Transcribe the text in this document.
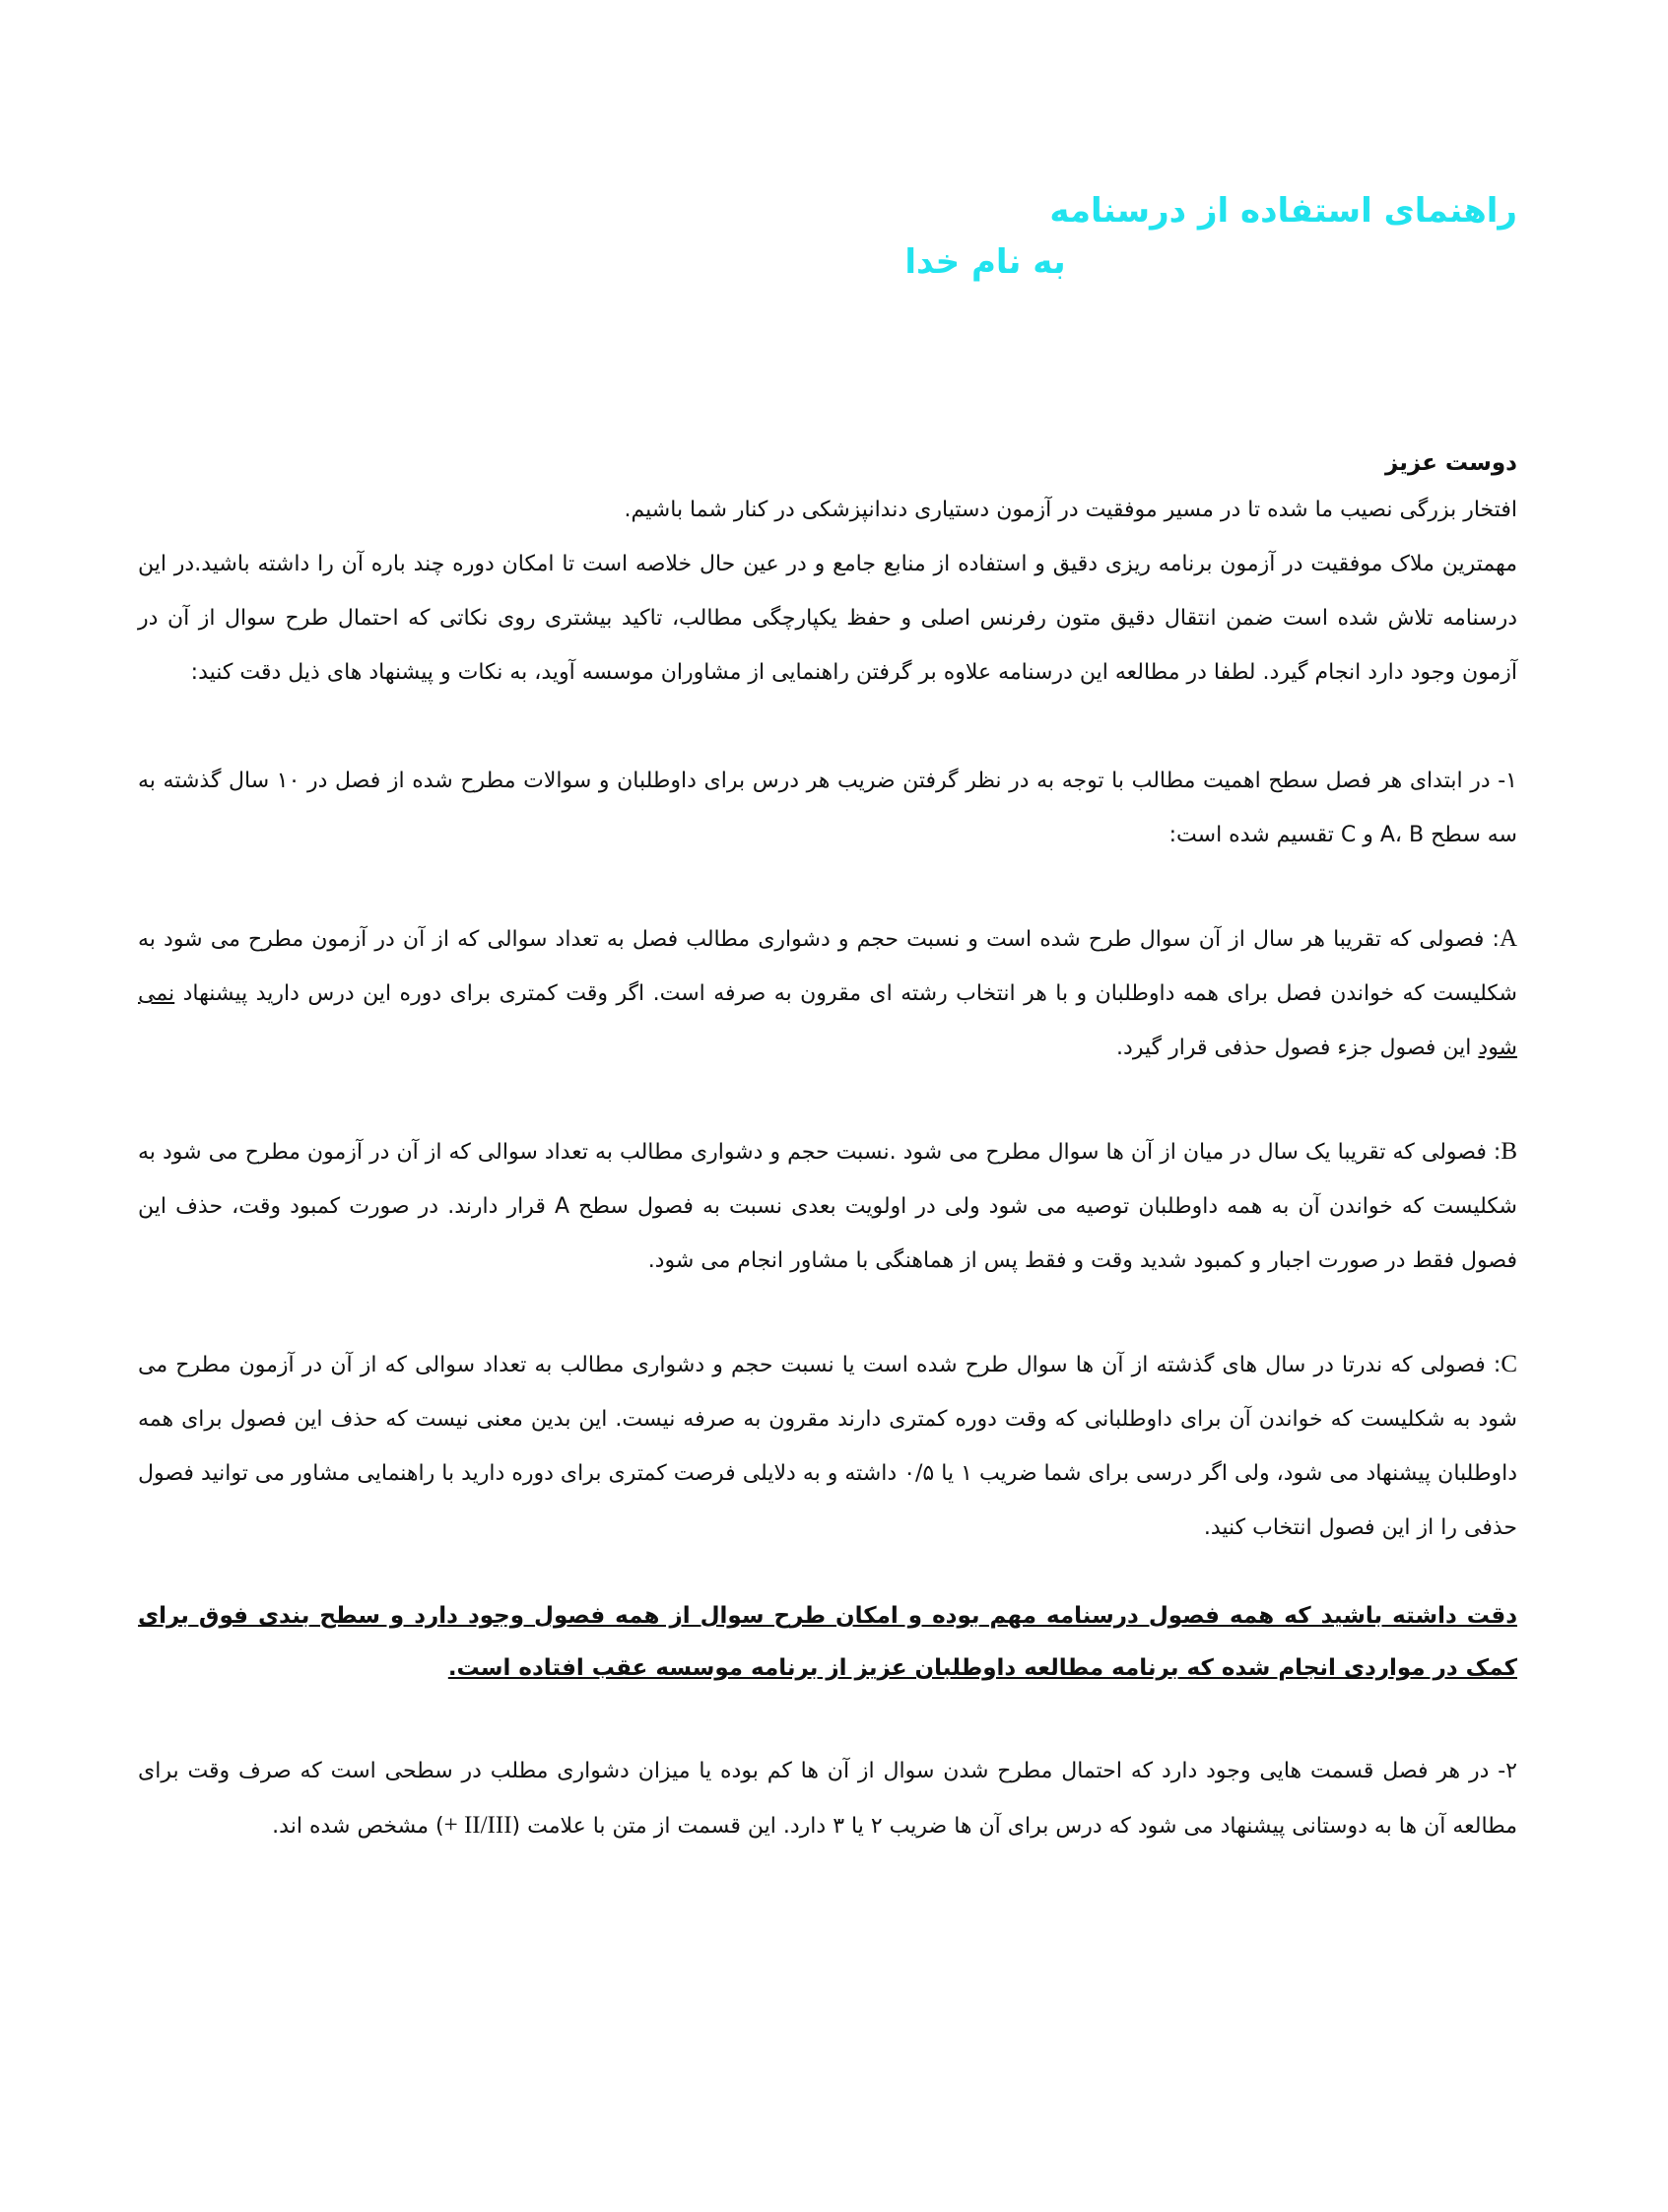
راهنمای استفاده از درسنامه
به نام خدا
دوست عزیز

افتخار بزرگی نصیب ما شده تا در مسیر موفقیت در آزمون دستیاری دندانپزشکی در کنار شما باشیم.

مهمترین ملاک موفقیت در آزمون برنامه ریزی دقیق و استفاده از منابع جامع و در عین حال خلاصه است تا امکان دوره چند باره آن را داشته باشید.در این درسنامه تلاش شده است ضمن انتقال دقیق متون رفرنس اصلی و حفظ یکپارچگی مطالب، تاکید بیشتری روی نکاتی که احتمال طرح سوال از آن در آزمون وجود دارد انجام گیرد. لطفا در مطالعه این درسنامه علاوه بر گرفتن راهنمایی از مشاوران موسسه آوید، به نکات و پیشنهاد های ذیل دقت کنید:

۱- در ابتدای هر فصل سطح اهمیت مطالب با توجه به در نظر گرفتن ضریب هر درس برای داوطلبان و سوالات مطرح شده از فصل در ۱۰ سال گذشته به سه سطح A، B و C تقسیم شده است:

A: فصولی که تقریبا هر سال از آن سوال طرح شده است و نسبت حجم و دشواری مطالب فصل به تعداد سوالی که از آن در آزمون مطرح می شود به شکلیست که خواندن فصل برای همه داوطلبان و با هر انتخاب رشته ای مقرون به صرفه است. اگر وقت کمتری برای دوره این درس دارید پیشنهاد نمی شود این فصول جزء فصول حذفی قرار گیرد.

B: فصولی که تقریبا یک سال در میان از آن ها سوال مطرح می شود .نسبت حجم و دشواری مطالب به تعداد سوالی که از آن در آزمون مطرح می شود به شکلیست که خواندن آن به همه داوطلبان توصیه می شود ولی در اولویت بعدی نسبت به فصول سطح A قرار دارند. در صورت کمبود وقت، حذف این فصول فقط در صورت اجبار و کمبود شدید وقت و فقط پس از هماهنگی با مشاور انجام می شود.

C: فصولی که ندرتا در سال های گذشته از آن ها سوال طرح شده است یا نسبت حجم و دشواری مطالب به تعداد سوالی که از آن در آزمون مطرح می شود به شکلیست که خواندن آن برای داوطلبانی که وقت دوره کمتری دارند مقرون به صرفه نیست. این بدین معنی نیست که حذف این فصول برای همه داوطلبان پیشنهاد می شود، ولی اگر درسی برای شما ضریب ۱ یا ۰/۵ داشته و به دلایلی فرصت کمتری برای دوره دارید با راهنمایی مشاور می توانید فصول حذفی را از این فصول انتخاب کنید.

دقت داشته باشید که همه فصول درسنامه مهم بوده و امکان طرح سوال از همه فصول وجود دارد و سطح بندی فوق برای کمک در مواردی انجام شده که برنامه مطالعه داوطلبان عزیز از برنامه موسسه عقب افتاده است.

۲- در هر فصل قسمت هایی وجود دارد که احتمال مطرح شدن سوال از آن ها کم بوده یا میزان دشواری مطلب در سطحی است که صرف وقت برای مطالعه آن ها به دوستانی پیشنهاد می شود که درس برای آن ها ضریب ۲ یا ۳ دارد. این قسمت از متن با علامت (+ II/III) مشخص شده اند.
